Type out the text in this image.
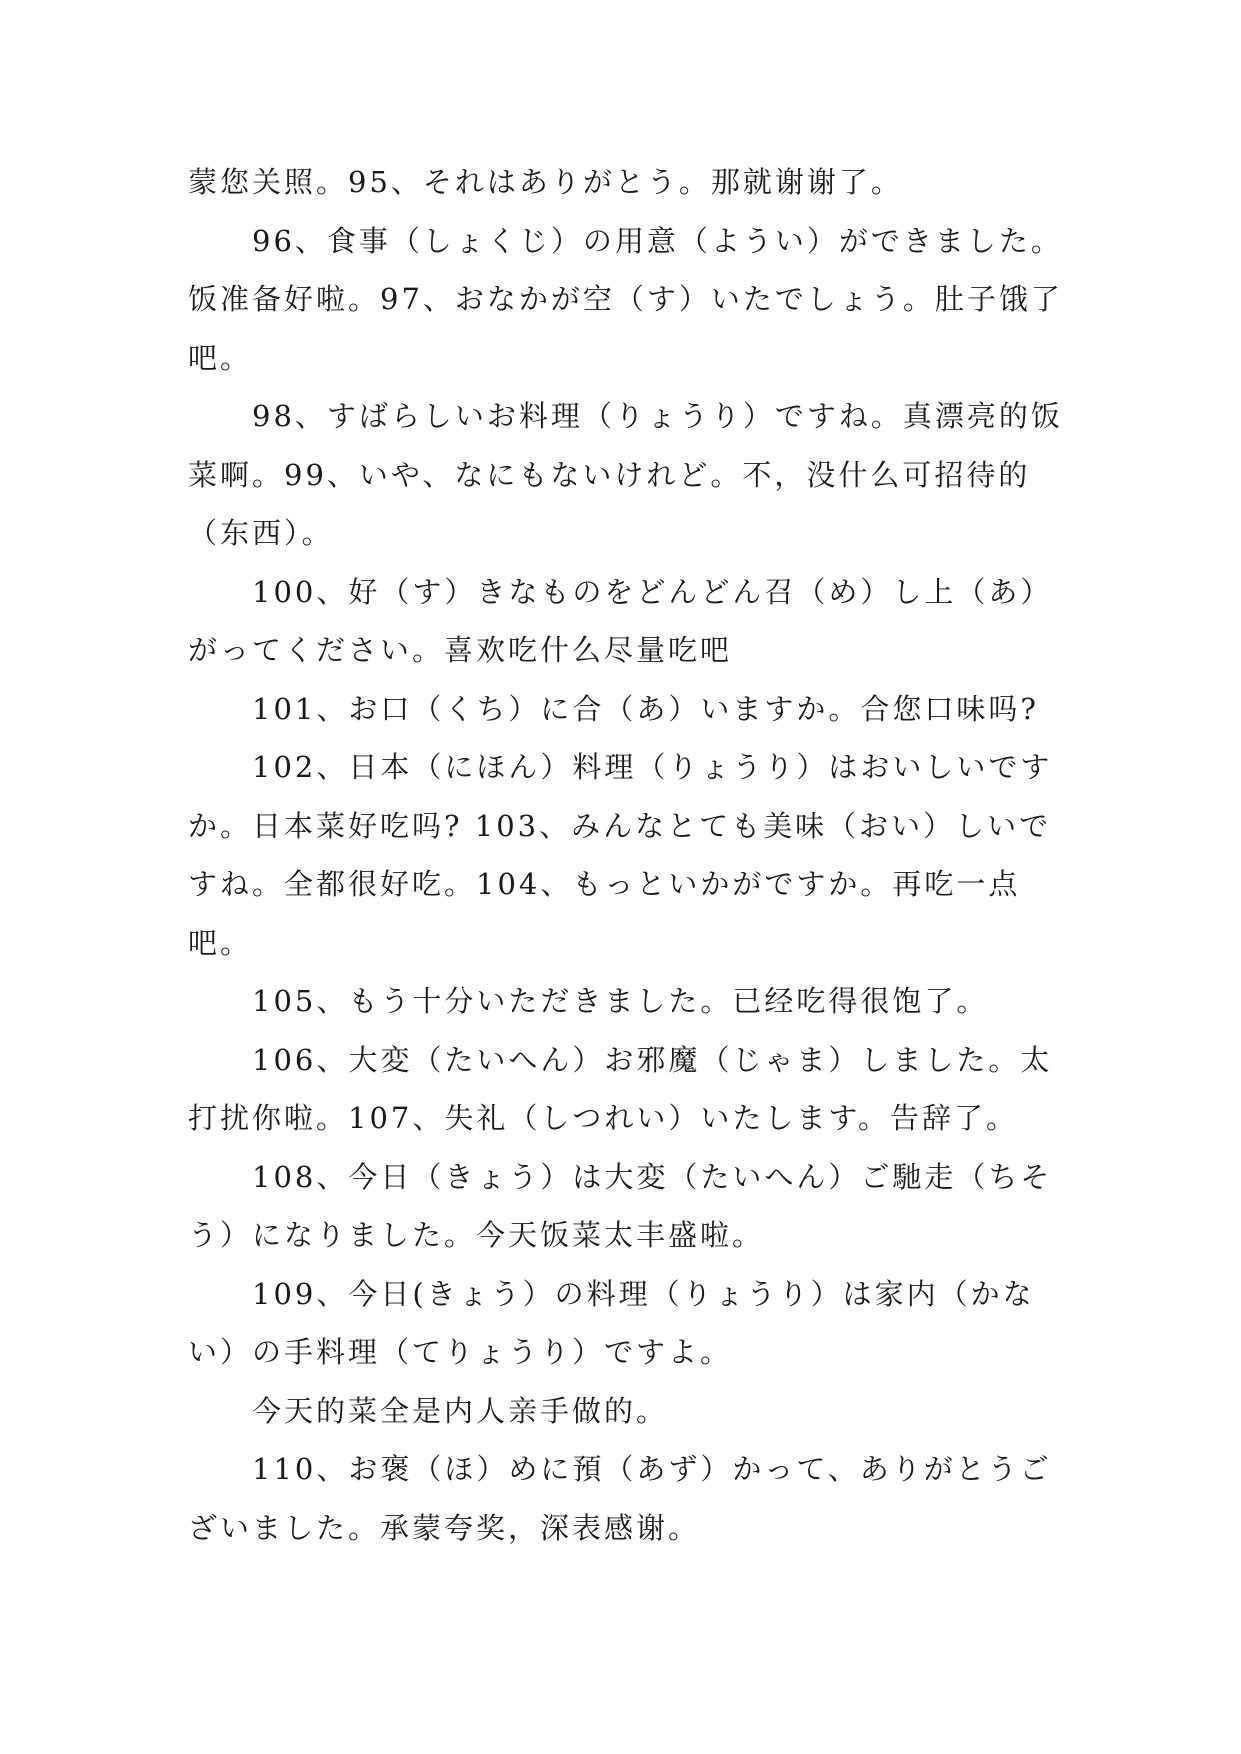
蒙您关照。95、それはありがとう。那就谢谢了。

96、食事（しょくじ）の用意（ようい）ができました。饭准备好啦。97、おなかが空（す）いたでしょう。肚子饿了吧。

98、すばらしいお料理（りょうり）ですね。真漂亮的饭菜啊。99、いや、なにもないけれど。不，没什么可招待的（东西）。

100、好（す）きなものをどんどん召（め）し上（あ）がってください。喜欢吃什么尽量吃吧

101、お口（くち）に合（あ）いますか。合您口味吗?

102、日本（にほん）料理（りょうり）はおいしいですか。日本菜好吃吗? 103、みんなとても美味（おい）しいですね。全都很好吃。104、もっといかがですか。再吃一点吧。

105、もう十分いただきました。已经吃得很饱了。

106、大変（たいへん）お邪魔（じゃま）しました。太打扰你啦。107、失礼（しつれい）いたします。告辞了。

108、今日（きょう）は大変（たいへん）ご馳走（ちそう）になりました。今天饭菜太丰盛啦。

109、今日(きょう）の料理（りょうり）は家内（かない）の手料理（てりょうり）ですよ。

今天的菜全是内人亲手做的。

110、お褒（ほ）めに預（あず）かって、ありがとうございました。承蒙夸奖，深表感谢。
